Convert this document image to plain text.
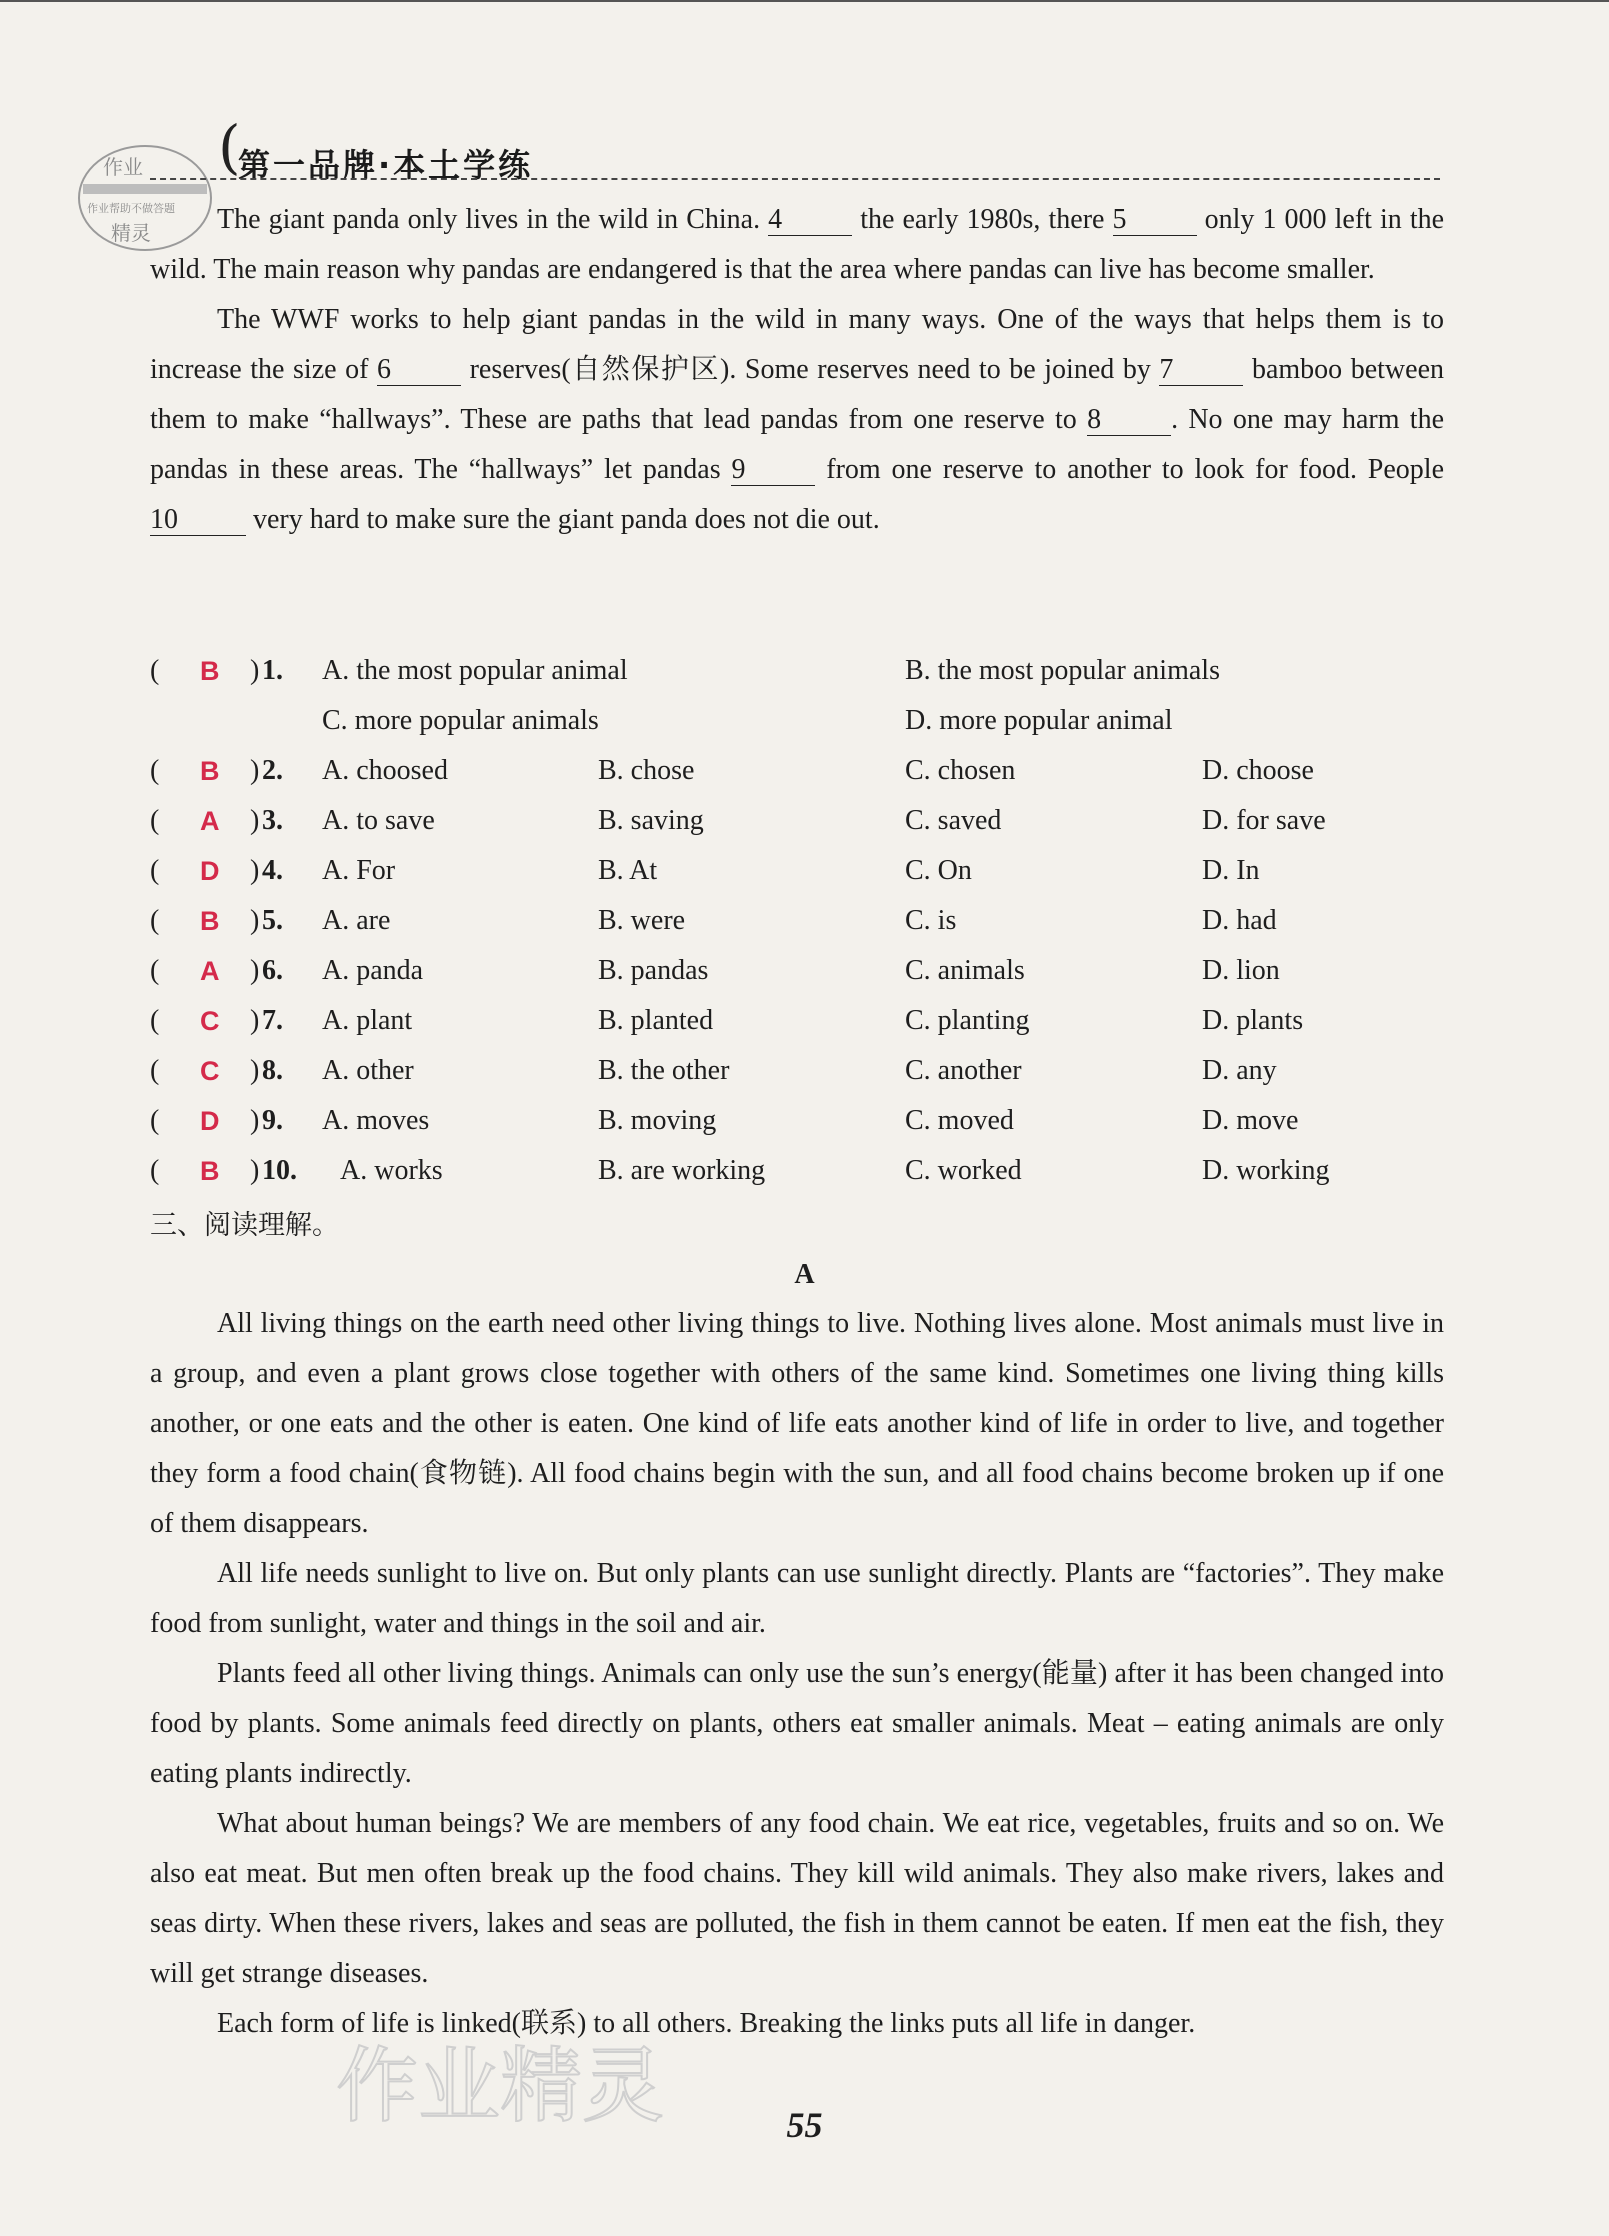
作业
作业帮助不做答题
精灵
(
第一品牌·本土学练

The giant panda only lives in the wild in China. 4	the early 1980s, there 5	only 1 000 left in the wild. The main reason why pandas are endangered is that the area where pandas can live has become smaller.

The WWF works to help giant pandas in the wild in many ways. One of the ways that helps them is to increase the size of 6	reserves(自然保护区). Some reserves need to be joined by 7	bamboo between them to make “hallways”. These are paths that lead pandas from one reserve to 8	. No one may harm the pandas in these areas. The “hallways” let pandas 9	from one reserve to another to look for food. People 10	very hard to make sure the giant panda does not die out.

( B ) 1. A. the most popular animal	B. the most popular animals
C. more popular animals	D. more popular animal
( B ) 2. A. choosed	B. chose	C. chosen	D. choose
( A ) 3. A. to save	B. saving	C. saved	D. for save
( D ) 4. A. For	B. At	C. On	D. In
( B ) 5. A. are	B. were	C. is	D. had
( A ) 6. A. panda	B. pandas	C. animals	D. lion
( C ) 7. A. plant	B. planted	C. planting	D. plants
( C ) 8. A. other	B. the other	C. another	D. any
( D ) 9. A. moves	B. moving	C. moved	D. move
( B ) 10. A. works	B. are working	C. worked	D. working
三、阅读理解。
A

All living things on the earth need other living things to live. Nothing lives alone. Most animals must live in a group, and even a plant grows close together with others of the same kind. Sometimes one living thing kills another, or one eats and the other is eaten. One kind of life eats another kind of life in order to live, and together they form a food chain(食物链). All food chains begin with the sun, and all food chains become broken up if one of them disappears.

All life needs sunlight to live on. But only plants can use sunlight directly. Plants are “factories”. They make food from sunlight, water and things in the soil and air.

Plants feed all other living things. Animals can only use the sun’s energy(能量) after it has been changed into food by plants. Some animals feed directly on plants, others eat smaller animals. Meat – eating animals are only eating plants indirectly.

What about human beings? We are members of any food chain. We eat rice, vegetables, fruits and so on. We also eat meat. But men often break up the food chains. They kill wild animals. They also make rivers, lakes and seas dirty. When these rivers, lakes and seas are polluted, the fish in them cannot be eaten. If men eat the fish, they will get strange diseases.

Each form of life is linked(联系) to all others. Breaking the links puts all life in danger.

作业精灵	55
